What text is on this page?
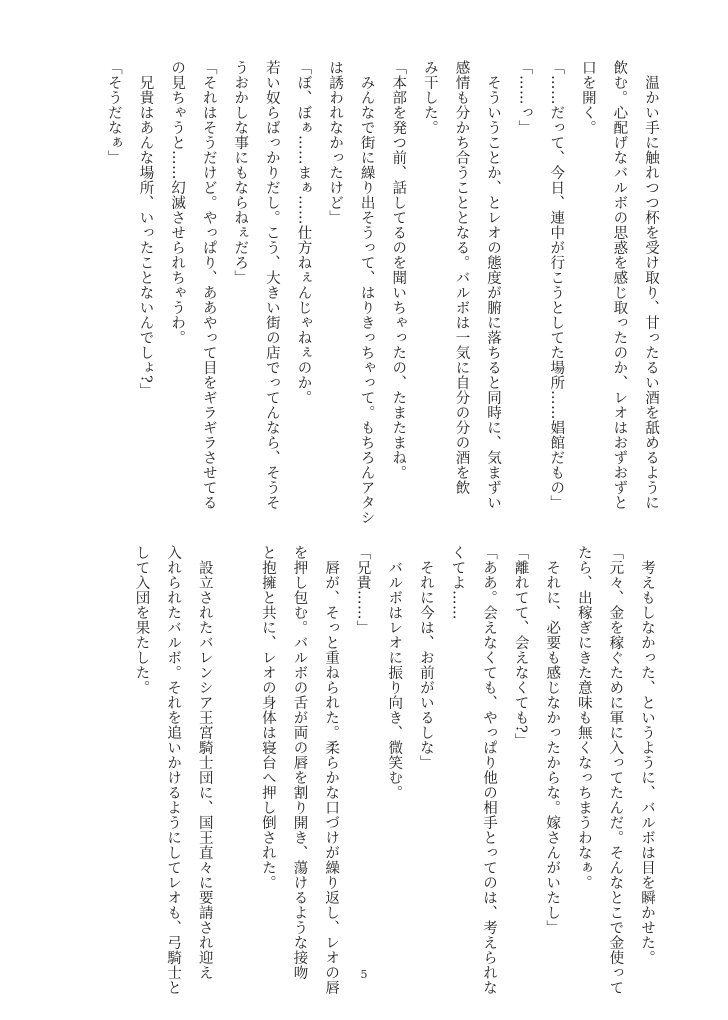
　温かい手に触れつつ杯を受け取り、甘ったるい酒を舐めるように
飲む。心配げなバルボの思惑を感じ取ったのか、レオはおずおずと
口を開く。
「……だって、今日、連中が行こうとしてた場所……娼館だもの」
「……っ」
　そういうことか、とレオの態度が腑に落ちると同時に、気まずい
感情も分かち合うこととなる。バルボは一気に自分の分の酒を飲
み干した。
「本部を発つ前、話してるのを聞いちゃったの、たまたまね。
　みんなで街に繰り出そうって、はりきっちゃって。もちろんアタシ
は誘われなかったけど」
「ぼ、ぼぁ……まぁ……仕方ねぇんじゃねぇのか。
若い奴らばっかりだし。こう、大きい街の店でってんなら、そうそ
うおかしな事にもならねぇだろ」
「それはそうだけど。やっぱり、ああやって目をギラギラさせてる
の見ちゃうと……幻滅させられちゃうわ。
　兄貴はあんな場所、いったことないんでしょ?」
「そうだなぁ」
　考えもしなかった、というように、バルボは目を瞬かせた。
「元々、金を稼ぐために軍に入ってたんだ。そんなとこで金使って
たら、出稼ぎにきた意味も無くなっちまうわなぁ。
　それに、必要も感じなかったからな。嫁さんがいたし」
「離れてて、会えなくても?」
「ああ。会えなくても、やっぱり他の相手とってのは、考えられな
くてよ……
　それに今は、お前がいるしな」
　バルボはレオに振り向き、微笑む。
「兄貴……」
　唇が、そっと重ねられた。柔らかな口づけが繰り返し、レオの唇
を押し包む。バルボの舌が両の唇を割り開き、蕩けるような接吻
と抱擁と共に、レオの身体は寝台へ押し倒された。

　設立されたバレンシア王宮騎士団に、国王直々に要請され迎え
入れられたバルボ。それを追いかけるようにしてレオも、弓騎士と
して入団を果たした。
5
